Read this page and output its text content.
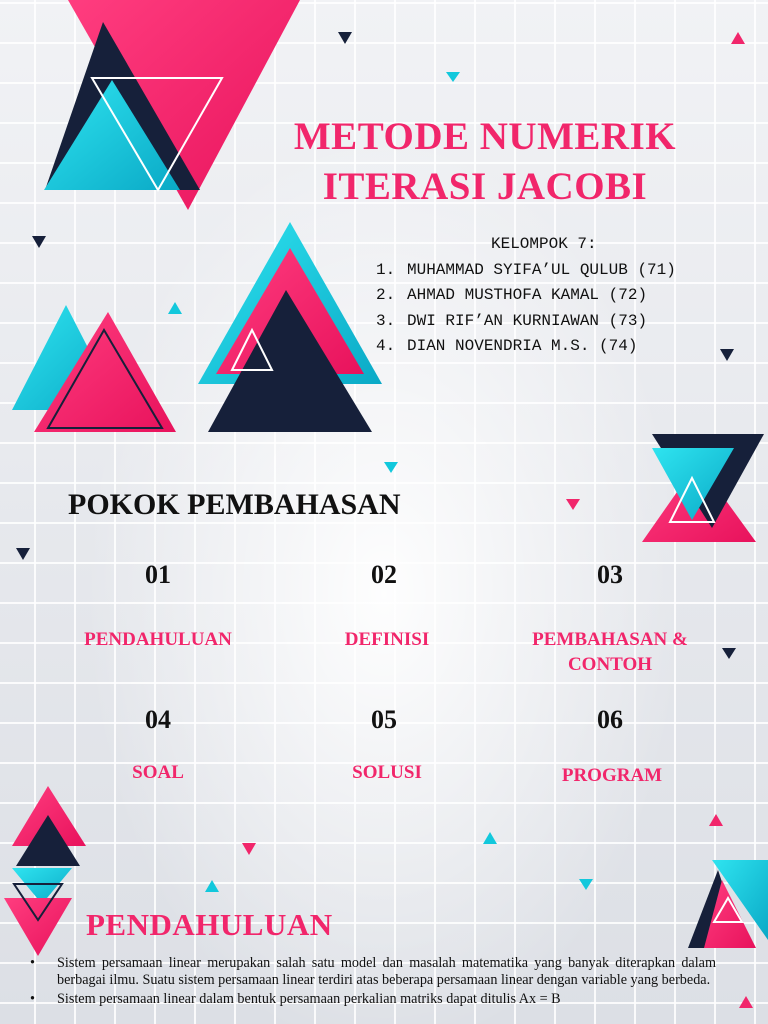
METODE NUMERIK
ITERASI JACOBI
KELOMPOK 7:
1. MUHAMMAD SYIFA’UL QULUB (71)
2. AHMAD MUSTHOFA KAMAL (72)
3. DWI RIF’AN KURNIAWAN (73)
4. DIAN NOVENDRIA M.S. (74)
POKOK PEMBAHASAN
01
PENDAHULUAN
02
DEFINISI
03
PEMBAHASAN & CONTOH
04
SOAL
05
SOLUSI
06
PROGRAM
PENDAHULUAN
•	Sistem persamaan linear merupakan salah satu model dan masalah matematika yang banyak diterapkan dalam berbagai ilmu. Suatu sistem persamaan linear terdiri atas beberapa persamaan linear dengan variable yang berbeda.
•	Sistem persamaan linear dalam bentuk persamaan perkalian matriks dapat ditulis Ax = B
